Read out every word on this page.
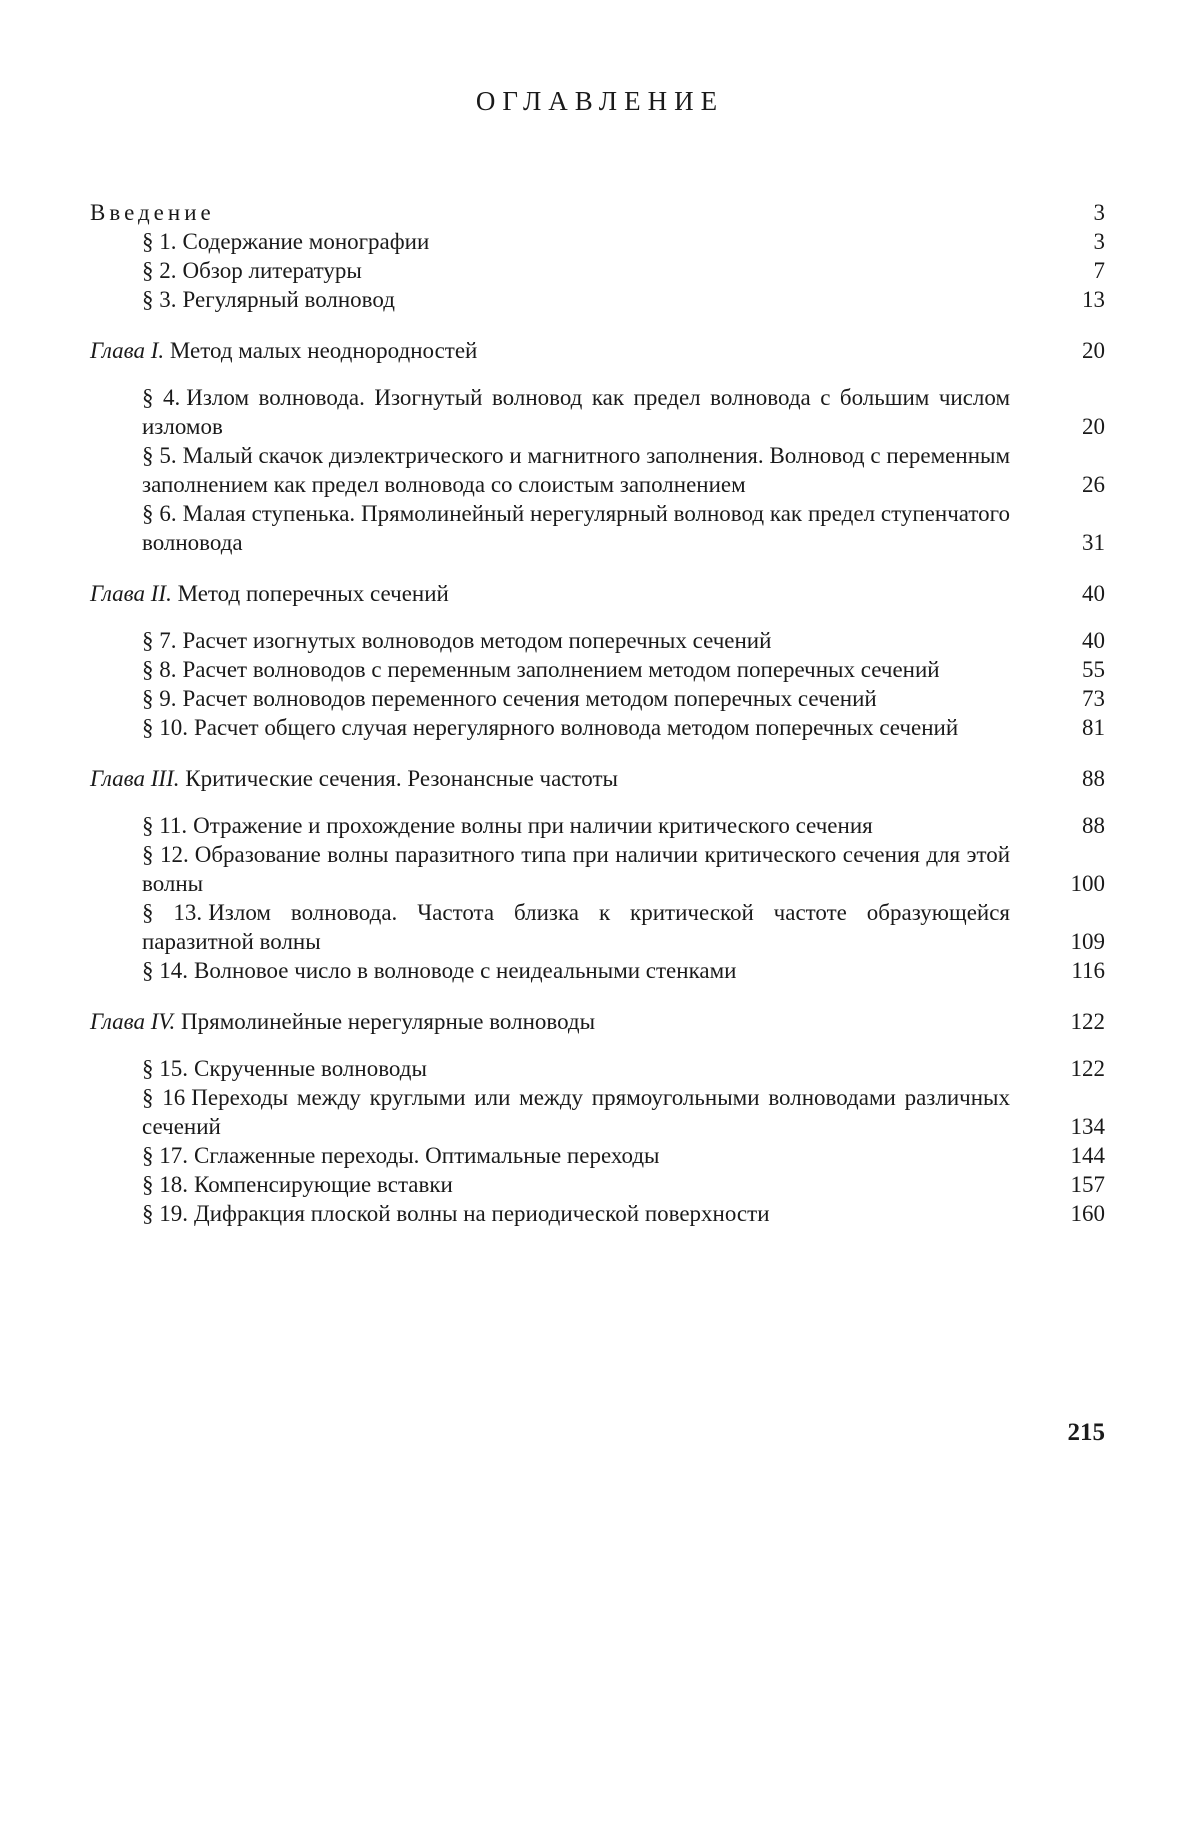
ОГЛАВЛЕНИЕ
Введение	3
§ 1. Содержание монографии	3
§ 2. Обзор литературы	7
§ 3. Регулярный волновод	13
Глава I. Метод малых неоднородностей	20
§ 4. Излом волновода. Изогнутый волновод как предел волновода с большим числом изломов	20
§ 5. Малый скачок диэлектрического и магнитного заполнения. Волновод с переменным заполнением как предел волновода со слоистым заполнением	26
§ 6. Малая ступенька. Прямолинейный нерегулярный волновод как предел ступенчатого волновода	31
Глава II. Метод поперечных сечений	40
§ 7. Расчет изогнутых волноводов методом поперечных сечений	40
§ 8. Расчет волноводов с переменным заполнением методом поперечных сечений	55
§ 9. Расчет волноводов переменного сечения методом поперечных сечений	73
§ 10. Расчет общего случая нерегулярного волновода методом поперечных сечений	81
Глава III. Критические сечения. Резонансные частоты	88
§ 11. Отражение и прохождение волны при наличии критического сечения	88
§ 12. Образование волны паразитного типа при наличии критического сечения для этой волны	100
§ 13. Излом волновода. Частота близка к критической частоте образующейся паразитной волны	109
§ 14. Волновое число в волноводе с неидеальными стенками	116
Глава IV. Прямолинейные нерегулярные волноводы	122
§ 15. Скрученные волноводы	122
§ 16 Переходы между круглыми или между прямоугольными волноводами различных сечений	134
§ 17. Сглаженные переходы. Оптимальные переходы	144
§ 18. Компенсирующие вставки	157
§ 19. Дифракция плоской волны на периодической поверхности	160
215
